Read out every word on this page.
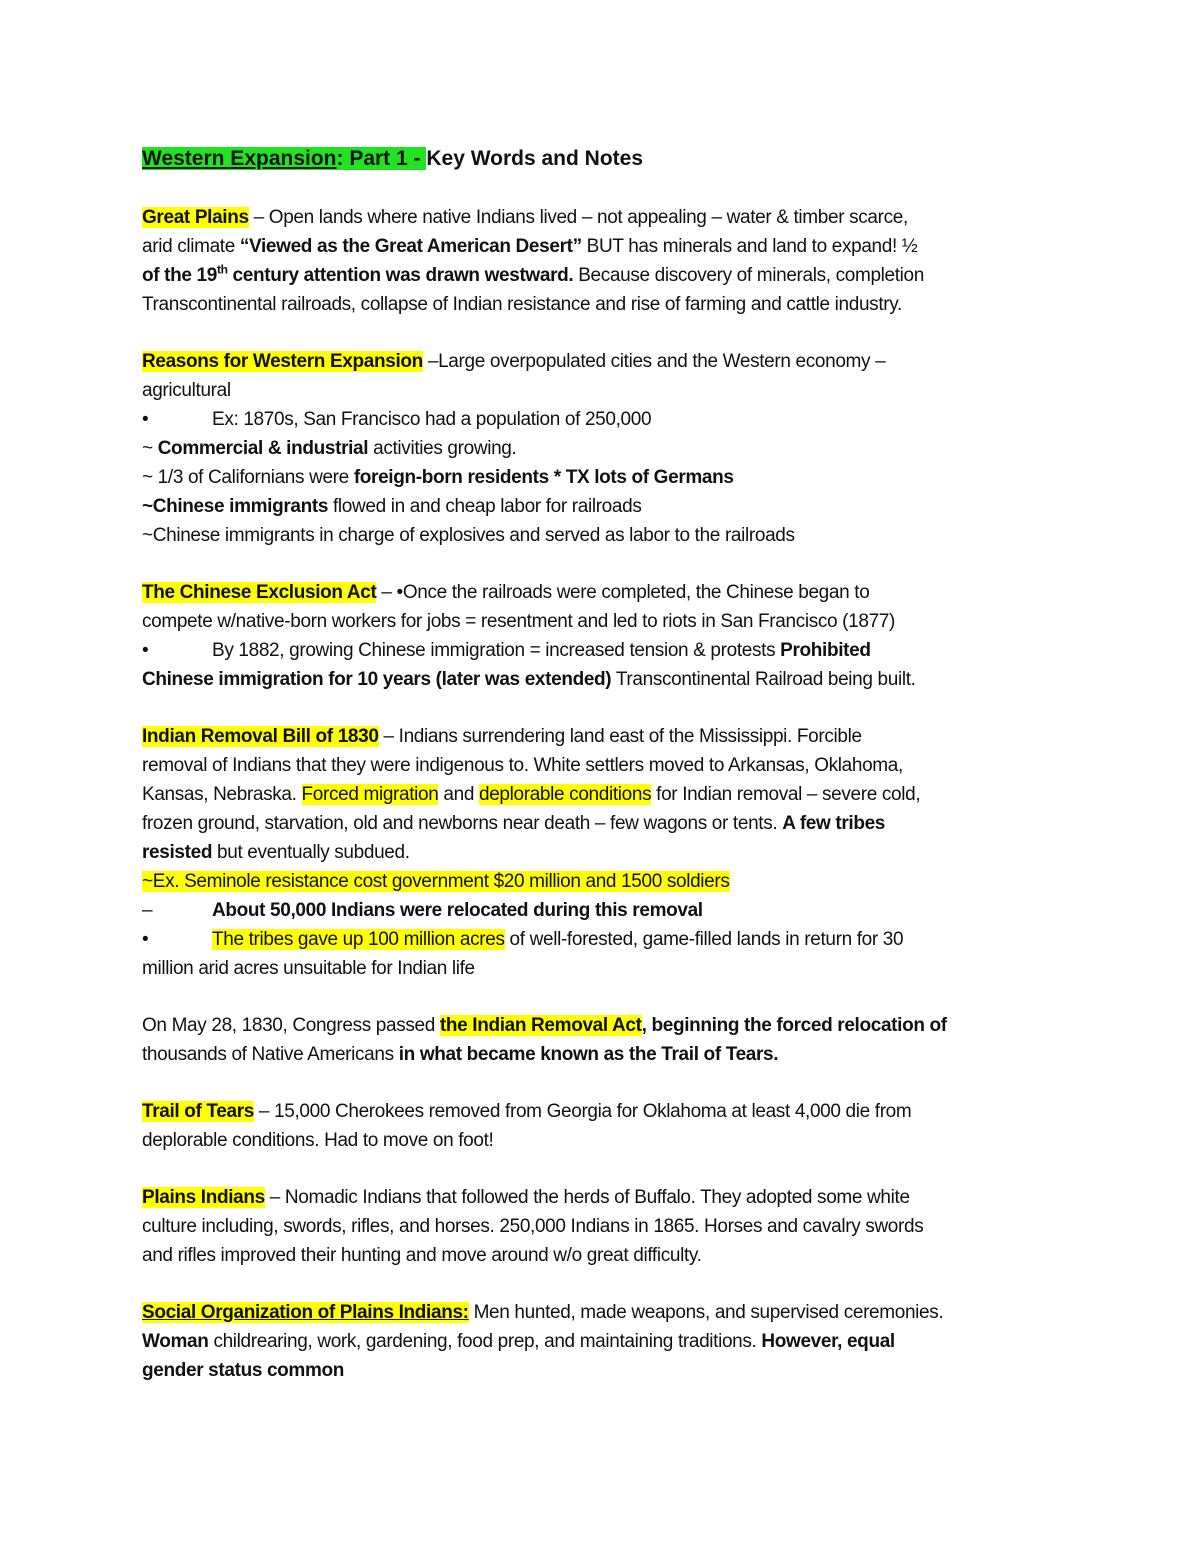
Western Expansion: Part 1 - Key Words and Notes
Great Plains – Open lands where native Indians lived – not appealing – water & timber scarce,
arid climate “Viewed as the Great American Desert” BUT has minerals and land to expand! ½
of the 19th century attention was drawn westward. Because discovery of minerals, completion
Transcontinental railroads, collapse of Indian resistance and rise of farming and cattle industry.
Reasons for Western Expansion –Large overpopulated cities and the Western economy –
agricultural
•	Ex: 1870s, San Francisco had a population of 250,000
~ Commercial & industrial activities growing.
~ 1/3 of Californians were foreign-born residents * TX lots of Germans
~Chinese immigrants flowed in and cheap labor for railroads
~Chinese immigrants in charge of explosives and served as labor to the railroads
The Chinese Exclusion Act – •Once the railroads were completed, the Chinese began to
compete w/native-born workers for jobs = resentment and led to riots in San Francisco (1877)
•	By 1882, growing Chinese immigration = increased tension & protests Prohibited
Chinese immigration for 10 years (later was extended) Transcontinental Railroad being built.
Indian Removal Bill of 1830 – Indians surrendering land east of the Mississippi. Forcible
removal of Indians that they were indigenous to. White settlers moved to Arkansas, Oklahoma,
Kansas, Nebraska. Forced migration and deplorable conditions for Indian removal – severe cold,
frozen ground, starvation, old and newborns near death – few wagons or tents. A few tribes
resisted but eventually subdued.
~Ex. Seminole resistance cost government $20 million and 1500 soldiers
–	About 50,000 Indians were relocated during this removal
•	The tribes gave up 100 million acres of well-forested, game-filled lands in return for 30
million arid acres unsuitable for Indian life
On May 28, 1830, Congress passed the Indian Removal Act, beginning the forced relocation of
thousands of Native Americans in what became known as the Trail of Tears.
Trail of Tears – 15,000 Cherokees removed from Georgia for Oklahoma at least 4,000 die from
deplorable conditions. Had to move on foot!
Plains Indians – Nomadic Indians that followed the herds of Buffalo. They adopted some white
culture including, swords, rifles, and horses. 250,000 Indians in 1865. Horses and cavalry swords
and rifles improved their hunting and move around w/o great difficulty.
Social Organization of Plains Indians: Men hunted, made weapons, and supervised ceremonies.
Woman childrearing, work, gardening, food prep, and maintaining traditions. However, equal
gender status common
